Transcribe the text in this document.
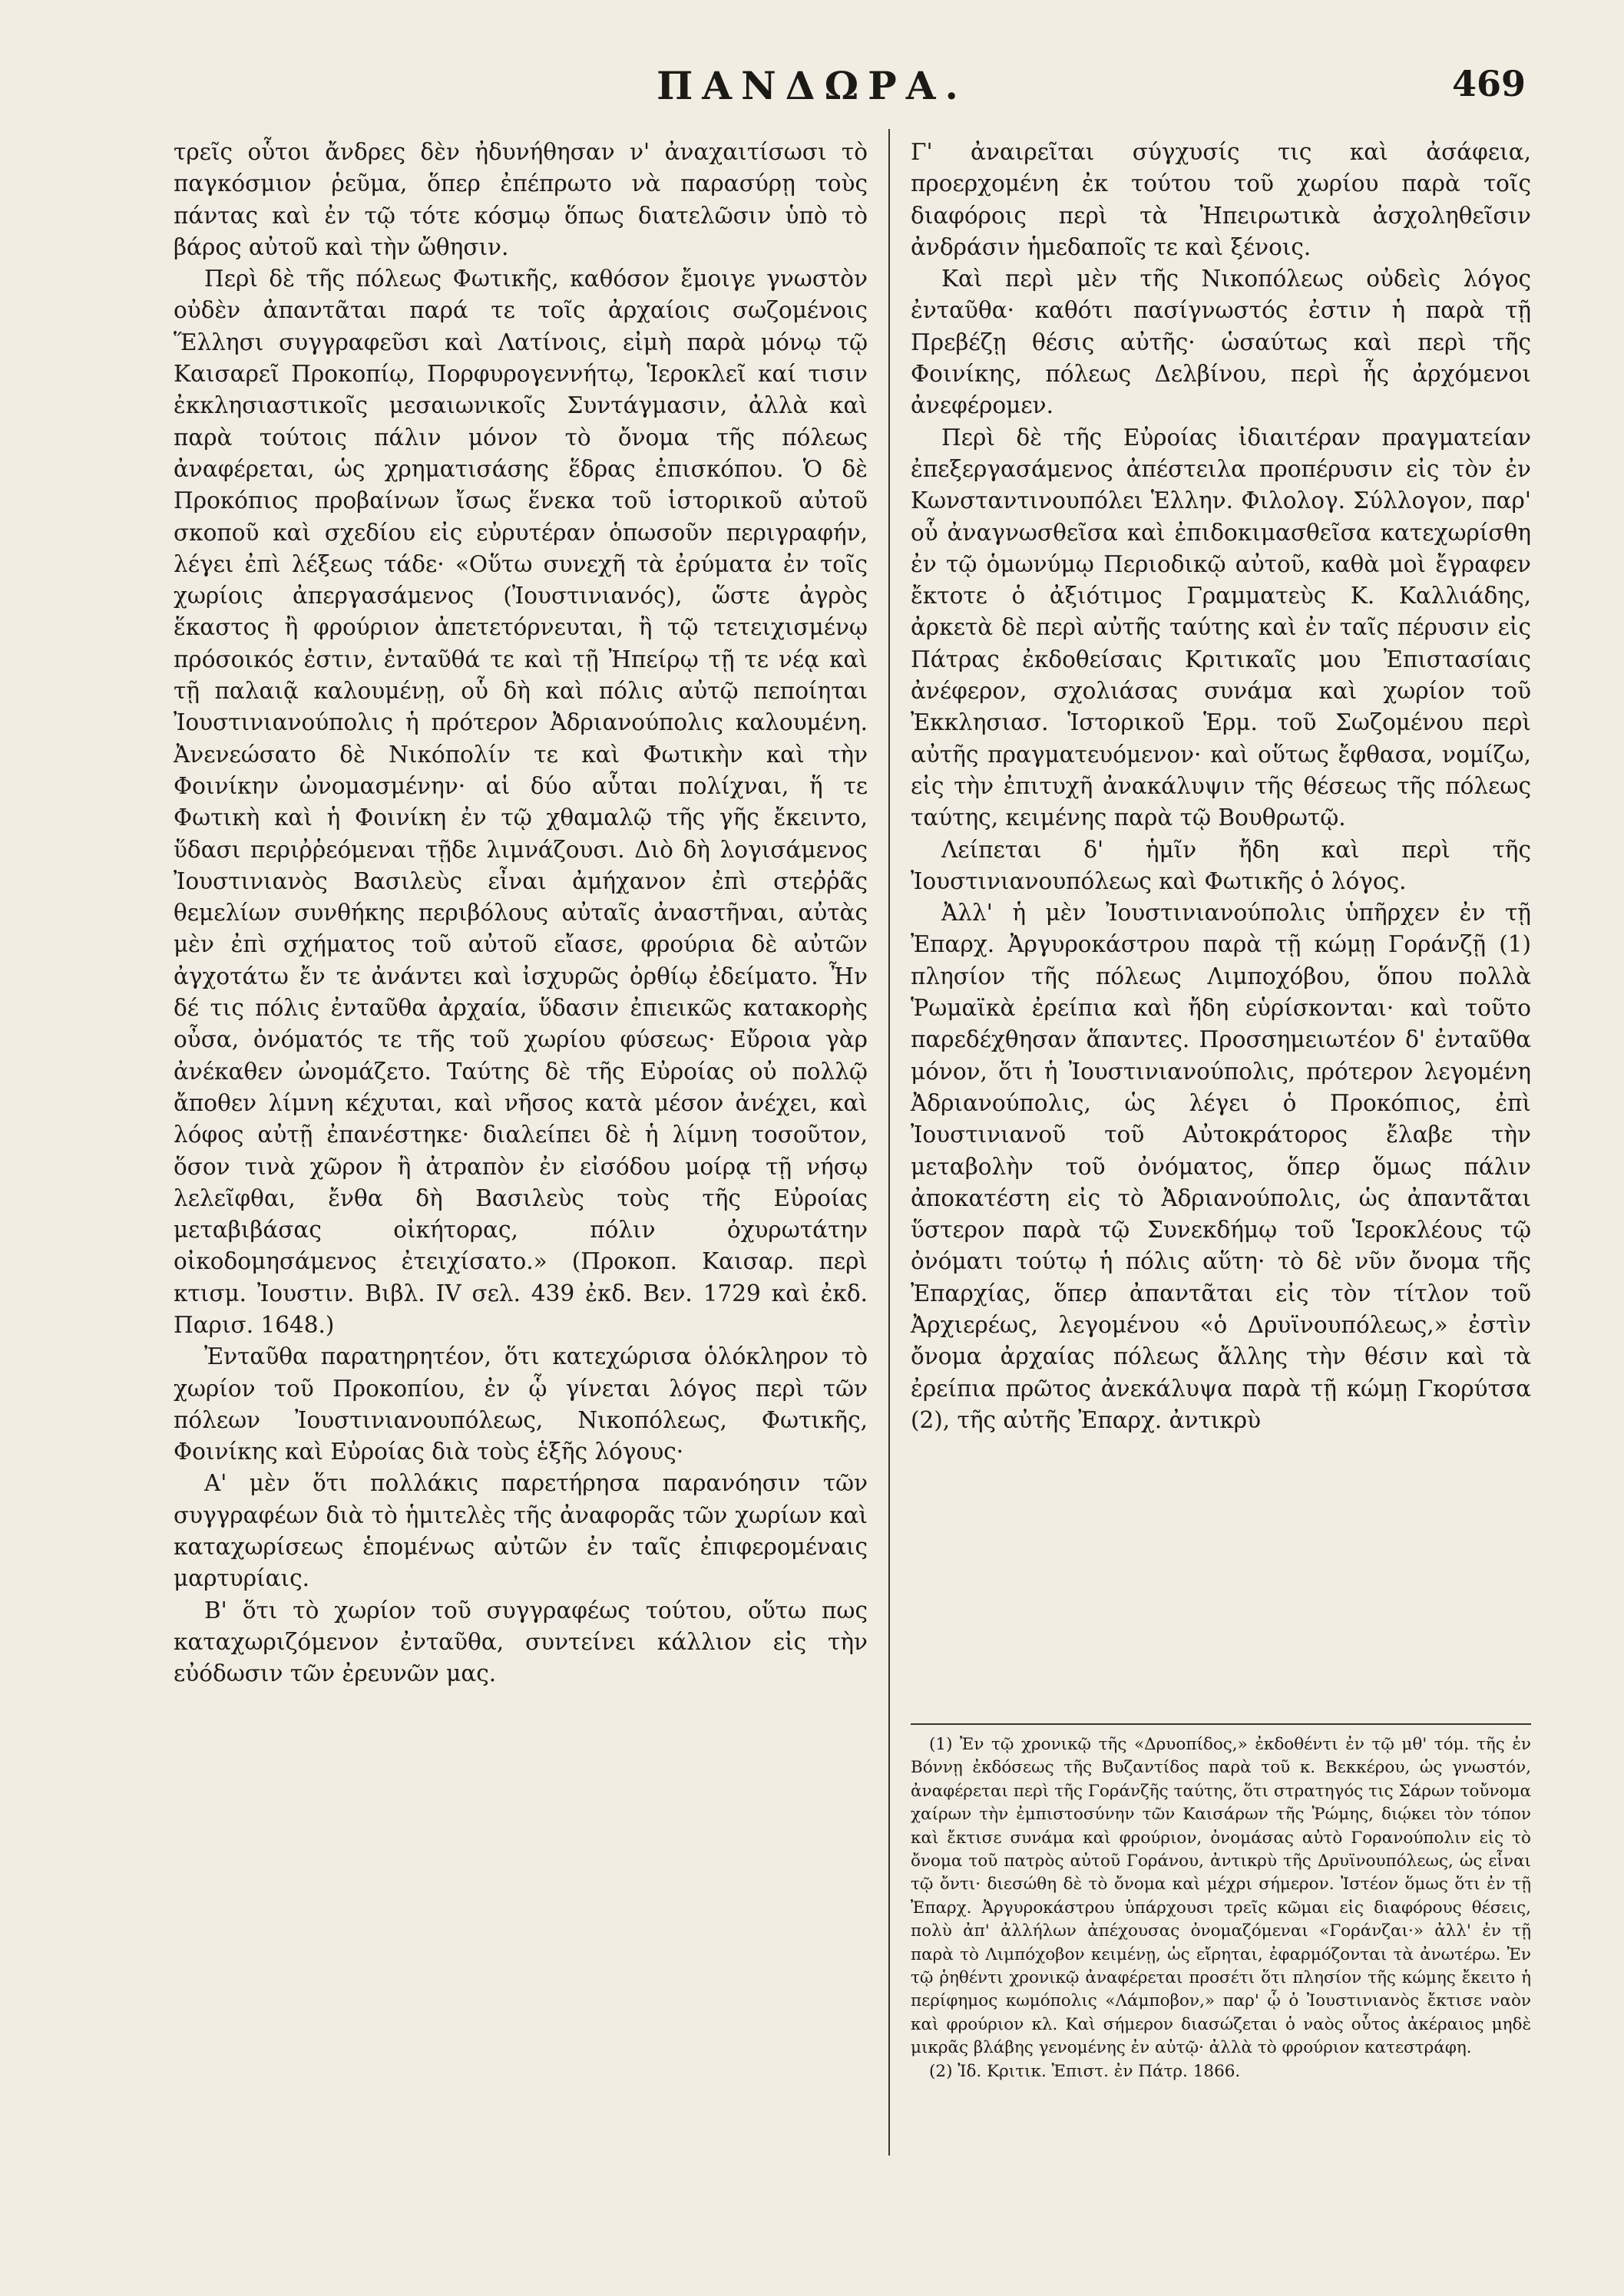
ΠΑΝΔΩΡΑ.	469

τρεῖς οὗτοι ἄνδρες δὲν ἠδυνήθησαν ν' ἀναχαιτίσωσι τὸ παγκόσμιον ῥεῦμα, ὅπερ ἐπέπρωτο νὰ παρασύρῃ τοὺς πάντας καὶ ἐν τῷ τότε κόσμῳ ὅπως διατελῶσιν ὑπὸ τὸ βάρος αὐτοῦ καὶ τὴν ὤθησιν.

Περὶ δὲ τῆς πόλεως Φωτικῆς, καθόσον ἔμοιγε γνωστὸν οὐδὲν ἀπαντᾶται παρά τε τοῖς ἀρχαίοις σωζομένοις Ἕλλησι συγγραφεῦσι καὶ Λατίνοις, εἰμὴ παρὰ μόνῳ τῷ Καισαρεῖ Προκοπίῳ, Πορφυρογεννήτῳ, Ἱεροκλεῖ καί τισιν ἐκκλησιαστικοῖς μεσαιωνικοῖς Συντάγμασιν, ἀλλὰ καὶ παρὰ τούτοις πάλιν μόνον τὸ ὄνομα τῆς πόλεως ἀναφέρεται, ὡς χρηματισάσης ἕδρας ἐπισκόπου. Ὁ δὲ Προκόπιος προβαίνων ἴσως ἕνεκα τοῦ ἱστορικοῦ αὐτοῦ σκοποῦ καὶ σχεδίου εἰς εὐρυτέραν ὁπωσοῦν περιγραφήν, λέγει ἐπὶ λέξεως τάδε· «Οὕτω συνεχῆ τὰ ἐρύματα ἐν τοῖς χωρίοις ἀπεργασάμενος (Ἰουστινιανός), ὥστε ἀγρὸς ἕκαστος ἢ φρούριον ἀπετετόρνευται, ἢ τῷ τετειχισμένῳ πρόσοικός ἐστιν, ἐνταῦθά τε καὶ τῇ Ἠπείρῳ τῇ τε νέᾳ καὶ τῇ παλαιᾷ καλουμένῃ, οὗ δὴ καὶ πόλις αὐτῷ πεποίηται Ἰουστινιανούπολις ἡ πρότερον Ἀδριανούπολις καλουμένη. Ἀνενεώσατο δὲ Νικόπολίν τε καὶ Φωτικὴν καὶ τὴν Φοινίκην ὠνομασμένην· αἱ δύο αὗται πολίχναι, ἥ τε Φωτικὴ καὶ ἡ Φοινίκη ἐν τῷ χθαμαλῷ τῆς γῆς ἔκειντο, ὕδασι περιῤῥεόμεναι τῇδε λιμνάζουσι. Διὸ δὴ λογισάμενος Ἰουστινιανὸς Βασιλεὺς εἶναι ἀμήχανον ἐπὶ στεῤῥᾶς θεμελίων συνθήκης περιβόλους αὐταῖς ἀναστῆναι, αὐτὰς μὲν ἐπὶ σχήματος τοῦ αὐτοῦ εἴασε, φρούρια δὲ αὐτῶν ἀγχοτάτω ἔν τε ἀνάντει καὶ ἰσχυρῶς ὀρθίῳ ἐδείματο. Ἦν δέ τις πόλις ἐνταῦθα ἀρχαία, ὕδασιν ἐπιεικῶς κατακορὴς οὖσα, ὀνόματός τε τῆς τοῦ χωρίου φύσεως· Εὔροια γὰρ ἀνέκαθεν ὠνομάζετο. Ταύτης δὲ τῆς Εὐροίας οὐ πολλῷ ἄποθεν λίμνη κέχυται, καὶ νῆσος κατὰ μέσον ἀνέχει, καὶ λόφος αὐτῇ ἐπανέστηκε· διαλείπει δὲ ἡ λίμνη τοσοῦτον, ὅσον τινὰ χῶρον ἢ ἀτραπὸν ἐν εἰσόδου μοίρᾳ τῇ νήσῳ λελεῖφθαι, ἔνθα δὴ Βασιλεὺς τοὺς τῆς Εὐροίας μεταβιβάσας οἰκήτορας, πόλιν ὀχυρωτάτην οἰκοδομησάμενος ἐτειχίσατο.» (Προκοπ. Καισαρ. περὶ κτισμ. Ἰουστιν. Βιβλ. IV σελ. 439 ἐκδ. Βεν. 1729 καὶ ἐκδ. Παρισ. 1648.)

Ἐνταῦθα παρατηρητέον, ὅτι κατεχώρισα ὁλόκληρον τὸ χωρίον τοῦ Προκοπίου, ἐν ᾧ γίνεται λόγος περὶ τῶν πόλεων Ἰουστινιανουπόλεως, Νικοπόλεως, Φωτικῆς, Φοινίκης καὶ Εὐροίας διὰ τοὺς ἑξῆς λόγους·

Α' μὲν ὅτι πολλάκις παρετήρησα παρανόησιν τῶν συγγραφέων διὰ τὸ ἡμιτελὲς τῆς ἀναφορᾶς τῶν χωρίων καὶ καταχωρίσεως ἑπομένως αὐτῶν ἐν ταῖς ἐπιφερομέναις μαρτυρίαις.

Β' ὅτι τὸ χωρίον τοῦ συγγραφέως τούτου, οὕτω πως καταχωριζόμενον ἐνταῦθα, συντείνει κάλλιον εἰς τὴν εὐόδωσιν τῶν ἐρευνῶν μας.

Γ' ἀναιρεῖται σύγχυσίς τις καὶ ἀσάφεια, προερχομένη ἐκ τούτου τοῦ χωρίου παρὰ τοῖς διαφόροις περὶ τὰ Ἠπειρωτικὰ ἀσχοληθεῖσιν ἀνδράσιν ἡμεδαποῖς τε καὶ ξένοις.

Καὶ περὶ μὲν τῆς Νικοπόλεως οὐδεὶς λόγος ἐνταῦθα· καθότι πασίγνωστός ἐστιν ἡ παρὰ τῇ Πρεβέζῃ θέσις αὐτῆς· ὡσαύτως καὶ περὶ τῆς Φοινίκης, πόλεως Δελβίνου, περὶ ἧς ἀρχόμενοι ἀνεφέρομεν.

Περὶ δὲ τῆς Εὐροίας ἰδιαιτέραν πραγματείαν ἐπεξεργασάμενος ἀπέστειλα προπέρυσιν εἰς τὸν ἐν Κωνσταντινουπόλει Ἑλλην. Φιλολογ. Σύλλογον, παρ' οὗ ἀναγνωσθεῖσα καὶ ἐπιδοκιμασθεῖσα κατεχωρίσθη ἐν τῷ ὁμωνύμῳ Περιοδικῷ αὐτοῦ, καθὰ μοὶ ἔγραφεν ἔκτοτε ὁ ἀξιότιμος Γραμματεὺς Κ. Καλλιάδης, ἀρκετὰ δὲ περὶ αὐτῆς ταύτης καὶ ἐν ταῖς πέρυσιν εἰς Πάτρας ἐκδοθείσαις Κριτικαῖς μου Ἐπιστασίαις ἀνέφερον, σχολιάσας συνάμα καὶ χωρίον τοῦ Ἐκκλησιασ. Ἱστορικοῦ Ἑρμ. τοῦ Σωζομένου περὶ αὐτῆς πραγματευόμενον· καὶ οὕτως ἔφθασα, νομίζω, εἰς τὴν ἐπιτυχῆ ἀνακάλυψιν τῆς θέσεως τῆς πόλεως ταύτης, κειμένης παρὰ τῷ Βουθρωτῷ.

Λείπεται δ' ἡμῖν ἤδη καὶ περὶ τῆς Ἰουστινιανουπόλεως καὶ Φωτικῆς ὁ λόγος.

Ἀλλ' ἡ μὲν Ἰουστινιανούπολις ὑπῆρχεν ἐν τῇ Ἐπαρχ. Ἀργυροκάστρου παρὰ τῇ κώμῃ Γοράνζῇ (1) πλησίον τῆς πόλεως Λιμποχόβου, ὅπου πολλὰ Ῥωμαϊκὰ ἐρείπια καὶ ἤδη εὑρίσκονται· καὶ τοῦτο παρεδέχθησαν ἅπαντες. Προσσημειωτέον δ' ἐνταῦθα μόνον, ὅτι ἡ Ἰουστινιανούπολις, πρότερον λεγομένη Ἀδριανούπολις, ὡς λέγει ὁ Προκόπιος, ἐπὶ Ἰουστινιανοῦ τοῦ Αὐτοκράτορος ἔλαβε τὴν μεταβολὴν τοῦ ὀνόματος, ὅπερ ὅμως πάλιν ἀποκατέστη εἰς τὸ Ἀδριανούπολις, ὡς ἀπαντᾶται ὕστερον παρὰ τῷ Συνεκδήμῳ τοῦ Ἱεροκλέους τῷ ὀνόματι τούτῳ ἡ πόλις αὕτη· τὸ δὲ νῦν ὄνομα τῆς Ἐπαρχίας, ὅπερ ἀπαντᾶται εἰς τὸν τίτλον τοῦ Ἀρχιερέως, λεγομένου «ὁ Δρυϊνουπόλεως,» ἐστὶν ὄνομα ἀρχαίας πόλεως ἄλλης τὴν θέσιν καὶ τὰ ἐρείπια πρῶτος ἀνεκάλυψα παρὰ τῇ κώμῃ Γκορύτσα (2), τῆς αὐτῆς Ἐπαρχ. ἀντικρὺ

(1) Ἐν τῷ χρονικῷ τῆς «Δρυοπίδος,» ἐκδοθέντι ἐν τῷ μθ' τόμ. τῆς ἐν Βόννῃ ἐκδόσεως τῆς Βυζαντίδος παρὰ τοῦ κ. Βεκκέρου, ὡς γνωστόν, ἀναφέρεται περὶ τῆς Γοράνζῆς ταύτης, ὅτι στρατηγός τις Σάρων τοὔνομα χαίρων τὴν ἐμπιστοσύνην τῶν Καισάρων τῆς Ῥώμης, διῴκει τὸν τόπον καὶ ἔκτισε συνάμα καὶ φρούριον, ὀνομάσας αὐτὸ Γορανούπολιν εἰς τὸ ὄνομα τοῦ πατρὸς αὐτοῦ Γοράνου, ἀντικρὺ τῆς Δρυϊνουπόλεως, ὡς εἶναι τῷ ὄντι· διεσώθη δὲ τὸ ὄνομα καὶ μέχρι σήμερον. Ἰστέον ὅμως ὅτι ἐν τῇ Ἐπαρχ. Ἀργυροκάστρου ὑπάρχουσι τρεῖς κῶμαι εἰς διαφόρους θέσεις, πολὺ ἀπ' ἀλλήλων ἀπέχουσας ὀνομαζόμεναι «Γοράνζαι·» ἀλλ' ἐν τῇ παρὰ τὸ Λιμπόχοβον κειμένῃ, ὡς εἴρηται, ἐφαρμόζονται τὰ ἀνωτέρω. Ἐν τῷ ῥηθέντι χρονικῷ ἀναφέρεται προσέτι ὅτι πλησίον τῆς κώμης ἔκειτο ἡ περίφημος κωμόπολις «Λάμποβον,» παρ' ᾧ ὁ Ἰουστινιανὸς ἔκτισε ναὸν καὶ φρούριον κλ. Καὶ σήμερον διασώζεται ὁ ναὸς οὗτος ἀκέραιος μηδὲ μικρᾶς βλάβης γενομένης ἐν αὐτῷ· ἀλλὰ τὸ φρούριον κατεστράφη.

(2) Ἰδ. Κριτικ. Ἐπιστ. ἐν Πάτρ. 1866.
